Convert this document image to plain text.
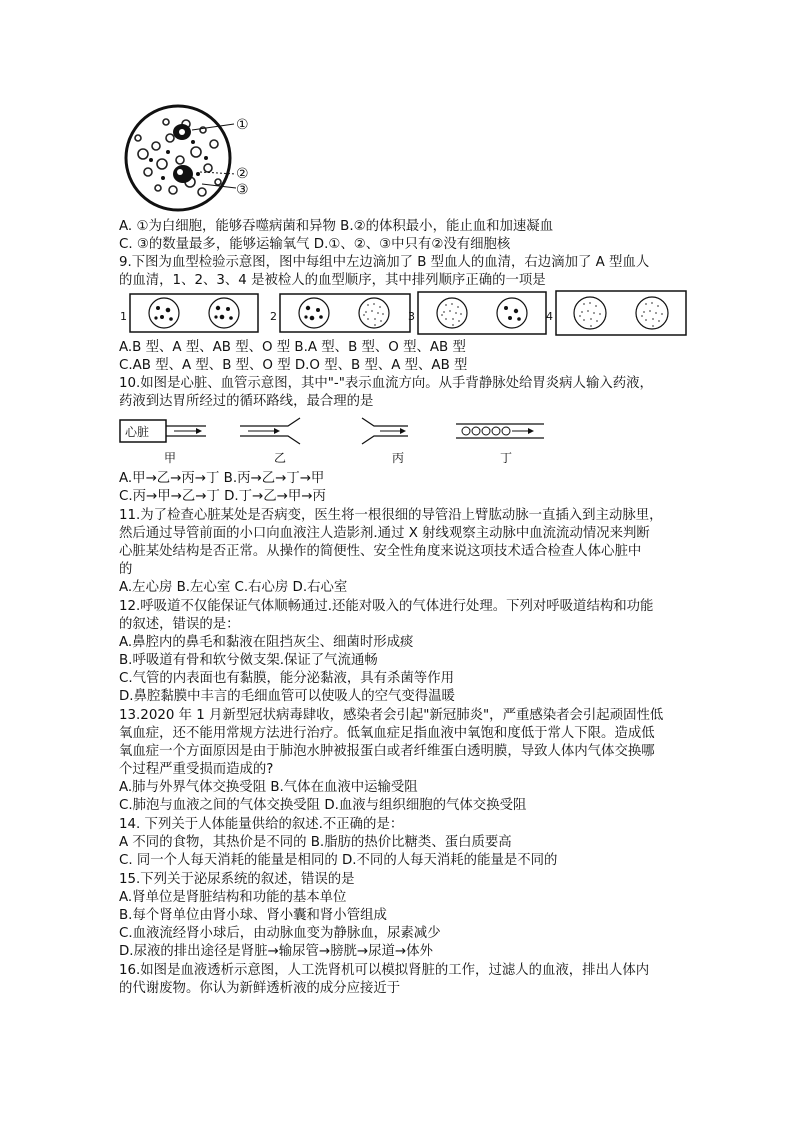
①
②
③
A. ①为白细胞，能够吞噬病菌和异物 B.②的体积最小，能止血和加速凝血
C. ③的数量最多，能够运输氧气 D.①、②、③中只有②没有细胞核
9.下图为血型检验示意图，图中每组中左边滴加了 B 型血人的血清，右边滴加了 A 型血人
的血清，1、2、3、4 是被检人的血型顺序，其中排列顺序正确的一项是
1	2	3	4
A.B 型、A 型、AB 型、O 型 B.A 型、B 型、O 型、AB 型
C.AB 型、A 型、B 型、O 型 D.O 型、B 型、A 型、AB 型
10.如图是心脏、血管示意图，其中"-"表示血流方向。从手背静脉处给胃炎病人输入药液，
药液到达胃所经过的循环路线，最合理的是
心脏
甲	乙	丙	丁
A.甲→乙→丙→丁 B.丙→乙→丁→甲
C.丙→甲→乙→丁 D.丁→乙→甲→丙
11.为了检查心脏某处是否病变，医生将一根很细的导管沿上臂肱动脉一直插入到主动脉里，
然后通过导管前面的小口向血液注人造影剂.通过 X 射线观察主动脉中血流流动情况来判断
心脏某处结构是否正常。从操作的简便性、安全性角度来说这项技术适合检查人体心脏中
的
A.左心房 B.左心室 C.右心房 D.右心室
12.呼吸道不仅能保证气体顺畅通过.还能对吸入的气体进行处理。下列对呼吸道结构和功能
的叙述，错误的是：
A.鼻腔内的鼻毛和黏液在阻挡灰尘、细菌时形成痰
B.呼吸道有骨和软兮傚支架.保证了气流通畅
C.气管的内表面也有黏膜，能分泌黏液，具有杀菌等作用
D.鼻腔黏膜中丰言的毛细血管可以使吸人的空气变得温暖
13.2020 年 1 月新型冠状病毒肆收，感染者会引起"新冠肺炎"，严重感染者会引起顽固性低
氧血症，还不能用常规方法进行治疗。低氧血症足指血液中氧饱和度低于常人下限。造成低
氧血症一个方面原因是由于肺泡水肿被报蛋白或者纤维蛋白透明膜，导致人体内气体交换哪
个过程严重受损而造成的?
A.肺与外界气体交换受阻 B.气体在血液中运输受阻
C.肺泡与血液之间的气体交换受阻 D.血液与组织细胞的气体交换受阻
14. 下列关于人体能量供给的叙述.不正确的是：
A 不同的食物，其热价是不同的 B.脂肪的热价比糖类、蛋白质要高
C. 同一个人每天消耗的能量是相同的 D.不同的人每天消耗的能量是不同的
15.下列关于泌尿系统的叙述，错误的是
A.肾单位是肾脏结构和功能的基本单位
B.每个肾单位由肾小球、肾小囊和肾小管组成
C.血液流经肾小球后，由动脉血变为静脉血，尿素减少
D.尿液的排出途径是肾脏→输尿管→膀胱→尿道→体外
16.如图是血液透析示意图，人工洗肾机可以模拟肾脏的工作，过滤人的血液，排出人体内
的代谢废物。你认为新鲜透析液的成分应接近于
